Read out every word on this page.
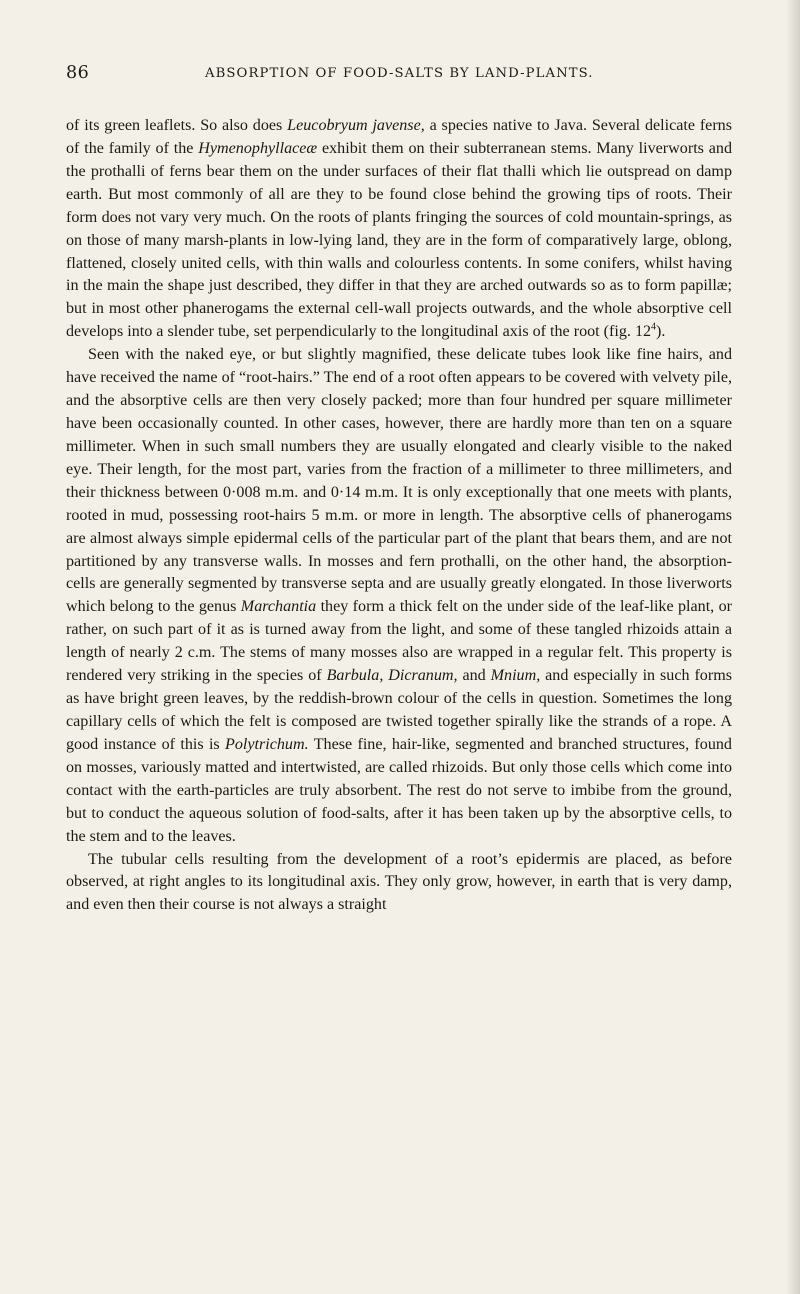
86	ABSORPTION OF FOOD-SALTS BY LAND-PLANTS.

of its green leaflets. So also does Leucobryum javense, a species native to Java. Several delicate ferns of the family of the Hymenophyllaceæ exhibit them on their subterranean stems. Many liverworts and the prothalli of ferns bear them on the under surfaces of their flat thalli which lie outspread on damp earth. But most commonly of all are they to be found close behind the growing tips of roots. Their form does not vary very much. On the roots of plants fringing the sources of cold mountain-springs, as on those of many marsh-plants in low-lying land, they are in the form of comparatively large, oblong, flattened, closely united cells, with thin walls and colourless contents. In some conifers, whilst having in the main the shape just described, they differ in that they are arched outwards so as to form papillæ; but in most other phanerogams the external cell-wall projects outwards, and the whole absorptive cell develops into a slender tube, set perpendicularly to the longitudinal axis of the root (fig. $12^4$).

Seen with the naked eye, or but slightly magnified, these delicate tubes look like fine hairs, and have received the name of “root-hairs.” The end of a root often appears to be covered with velvety pile, and the absorptive cells are then very closely packed; more than four hundred per square millimeter have been occasionally counted. In other cases, however, there are hardly more than ten on a square millimeter. When in such small numbers they are usually elongated and clearly visible to the naked eye. Their length, for the most part, varies from the fraction of a millimeter to three millimeters, and their thickness between 0·008 m.m. and 0·14 m.m. It is only exceptionally that one meets with plants, rooted in mud, possessing root-hairs 5 m.m. or more in length. The absorptive cells of phanerogams are almost always simple epidermal cells of the particular part of the plant that bears them, and are not partitioned by any transverse walls. In mosses and fern prothalli, on the other hand, the absorption-cells are generally segmented by transverse septa and are usually greatly elongated. In those liverworts which belong to the genus Marchantia they form a thick felt on the under side of the leaf-like plant, or rather, on such part of it as is turned away from the light, and some of these tangled rhizoids attain a length of nearly 2 c.m. The stems of many mosses also are wrapped in a regular felt. This property is rendered very striking in the species of Barbula, Dicranum, and Mnium, and especially in such forms as have bright green leaves, by the reddish-brown colour of the cells in question. Sometimes the long capillary cells of which the felt is composed are twisted together spirally like the strands of a rope. A good instance of this is Polytrichum. These fine, hair-like, segmented and branched structures, found on mosses, variously matted and intertwisted, are called rhizoids. But only those cells which come into contact with the earth-particles are truly absorbent. The rest do not serve to imbibe from the ground, but to conduct the aqueous solution of food-salts, after it has been taken up by the absorptive cells, to the stem and to the leaves.

The tubular cells resulting from the development of a root’s epidermis are placed, as before observed, at right angles to its longitudinal axis. They only grow, however, in earth that is very damp, and even then their course is not always a straight
